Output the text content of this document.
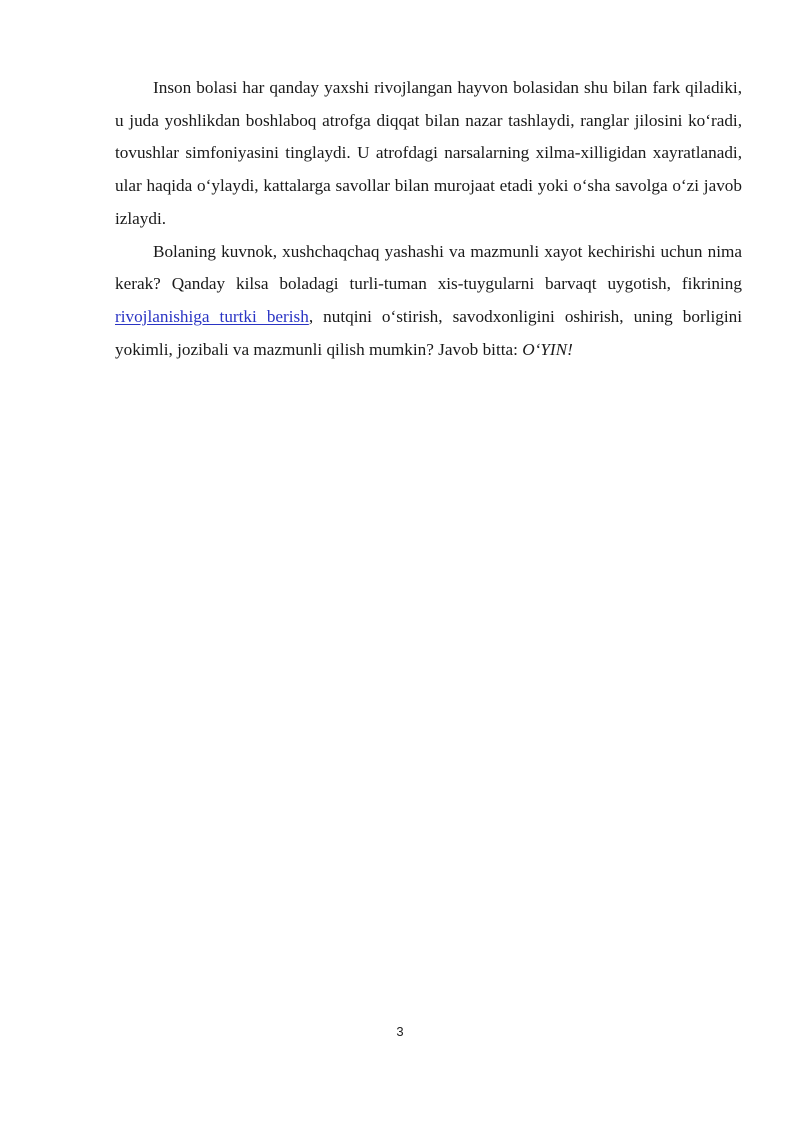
Inson bolasi har qanday yaxshi rivojlangan hayvon bolasidan shu bilan fark qiladiki, u juda yoshlikdan boshlaboq atrofga diqqat bilan nazar tashlaydi, ranglar jilosini koʻradi, tovushlar simfoniyasini tinglaydi. U atrofdagi narsalarning xilma-xilligidan xayratlanadi, ular haqida oʻylaydi, kattalarga savollar bilan murojaat etadi yoki oʻsha savolga oʻzi javob izlaydi.

Bolaning kuvnok, xushchaqchaq yashashi va mazmunli xayot kechirishi uchun nima kerak? Qanday kilsa boladagi turli-tuman xis-tuygularni barvaqt uygotish, fikrining rivojlanishiga turtki berish, nutqini oʻstirish, savodxonligini oshirish, uning borligini yokimli, jozibali va mazmunli qilish mumkin? Javob bitta: OʻYIN!

3
